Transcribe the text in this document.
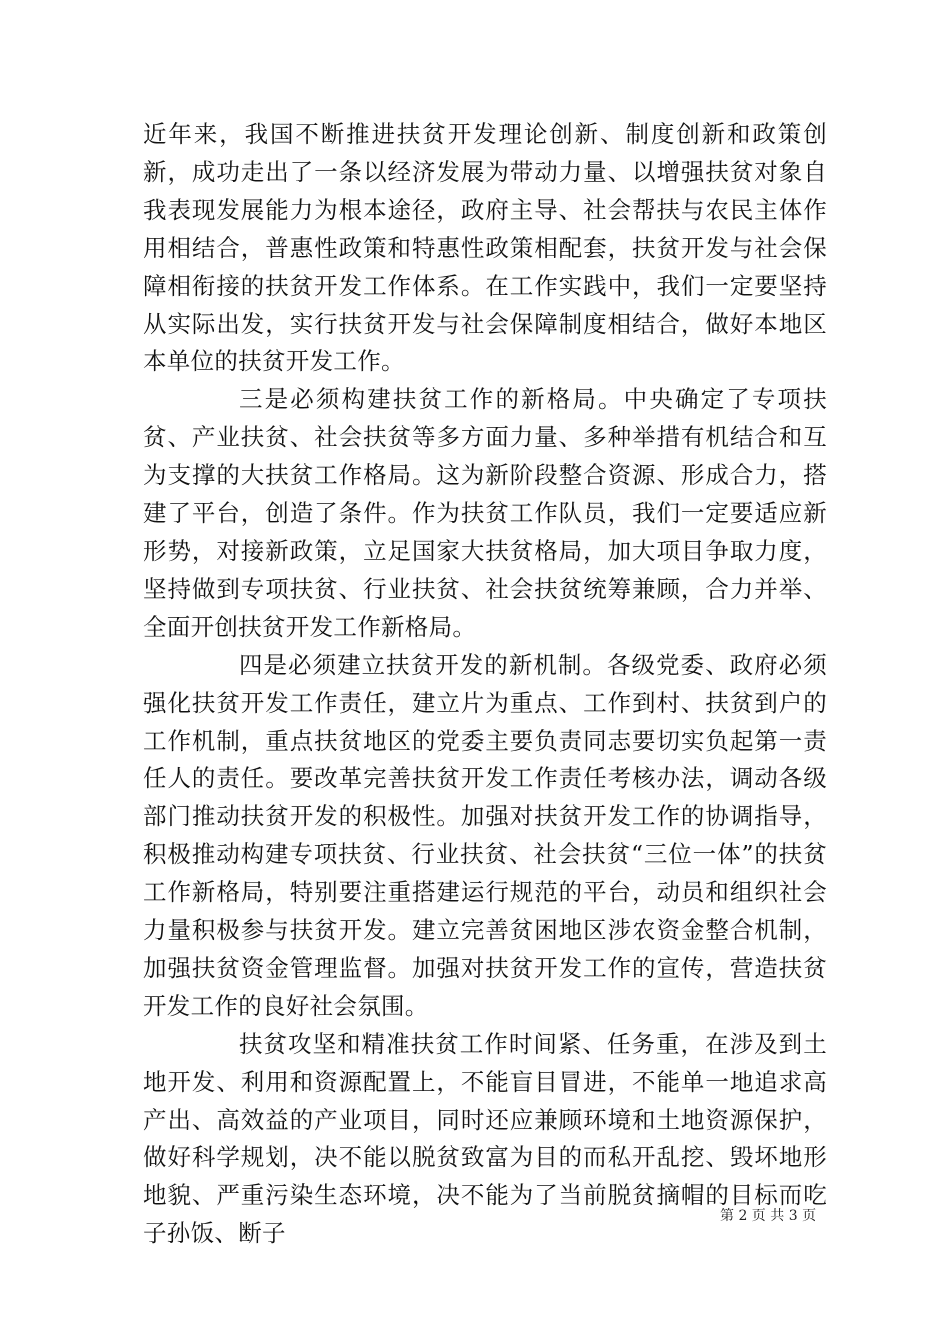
近年来，我国不断推进扶贫开发理论创新、制度创新和政策创新，成功走出了一条以经济发展为带动力量、以增强扶贫对象自我表现发展能力为根本途径，政府主导、社会帮扶与农民主体作用相结合，普惠性政策和特惠性政策相配套，扶贫开发与社会保障相衔接的扶贫开发工作体系。在工作实践中，我们一定要坚持从实际出发，实行扶贫开发与社会保障制度相结合，做好本地区本单位的扶贫开发工作。

三是必须构建扶贫工作的新格局。中央确定了专项扶贫、产业扶贫、社会扶贫等多方面力量、多种举措有机结合和互为支撑的大扶贫工作格局。这为新阶段整合资源、形成合力，搭建了平台，创造了条件。作为扶贫工作队员，我们一定要适应新形势，对接新政策，立足国家大扶贫格局，加大项目争取力度，坚持做到专项扶贫、行业扶贫、社会扶贫统筹兼顾，合力并举、全面开创扶贫开发工作新格局。

四是必须建立扶贫开发的新机制。各级党委、政府必须强化扶贫开发工作责任，建立片为重点、工作到村、扶贫到户的工作机制，重点扶贫地区的党委主要负责同志要切实负起第一责任人的责任。要改革完善扶贫开发工作责任考核办法，调动各级部门推动扶贫开发的积极性。加强对扶贫开发工作的协调指导，积极推动构建专项扶贫、行业扶贫、社会扶贫“三位一体”的扶贫工作新格局，特别要注重搭建运行规范的平台，动员和组织社会力量积极参与扶贫开发。建立完善贫困地区涉农资金整合机制，加强扶贫资金管理监督。加强对扶贫开发工作的宣传，营造扶贫开发工作的良好社会氛围。

扶贫攻坚和精准扶贫工作时间紧、任务重，在涉及到土地开发、利用和资源配置上，不能盲目冒进，不能单一地追求高产出、高效益的产业项目，同时还应兼顾环境和土地资源保护，做好科学规划，决不能以脱贫致富为目的而私开乱挖、毁坏地形地貌、严重污染生态环境，决不能为了当前脱贫摘帽的目标而吃子孙饭、断子

第 2 页 共 3 页
